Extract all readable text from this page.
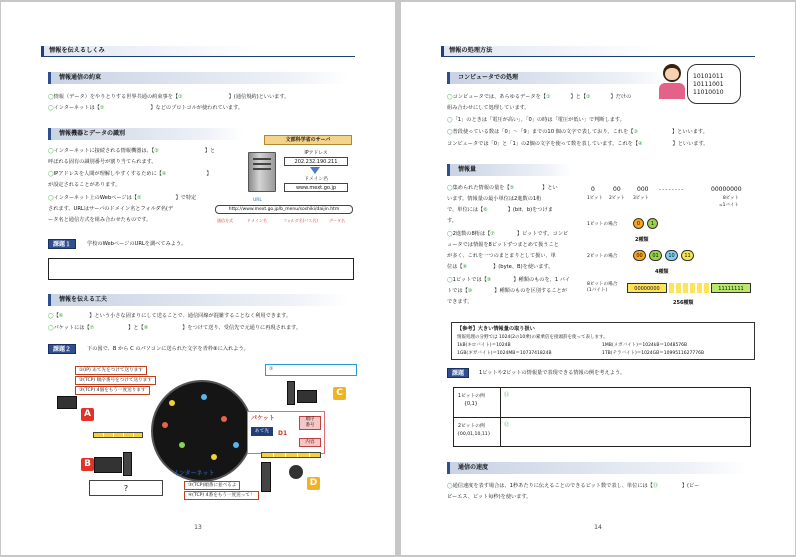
情報を伝えるしくみ
情報通信の約束
◯情報（データ）をやりとりする世界共通の約束事を【①	】(通信規約)といいます。
◯インターネットは【②	】などのプロトコルが使われています。
情報機器とデータの識別
◯インターネットに接続される情報機器は、【③	】と
呼ばれる固有の識別番号が割り当てられます。
◯IPアドレスを人間が理解しやすくするために【④	】
が設定されることがあります。
◯インターネット上のWebページは【⑤	】で特定
されます。URLはサーバのドメイン名とフォルダ名(デ
ータ名と通信方式を組み合わせたものです。
文部科学省のサーバ
IPアドレス
202.232.190.211
ドメイン名
www.mext.go.jp
URL
http://www.mext.go.jp/b_menu/soshiki/daijin.htm
通信方式	ドメイン名	フォルダ名(パス名)	データ名
課題１	学校のWebページのURLを調べてみよう。
情報を伝える工夫
◯【⑥	】という小さな固まりにして送ることで、通信回線が混雑することなく利用できます。
◯パケットには【⑦	】と【⑧	】をつけて送り、受信先で元通りに再現されます。
課題２	下の図で、B から C のパソコンに送られた文字を青枠⑨に入れよう。
①(IP) あて先をつけて送ります
②(TCP) 順序番号をつけて送ります
③(TCP) 4個をもう一度送ります
⑨
パケット
あて先
順序
番号
D1
内容
インターネット
A
B
C
D
③(TCP)順番に並べるよ
④(TCP) 4番をもう一度送って！
?
13
情報の処理方法
コンピュータでの処理	10101011
10111001
11010010
◯コンピュータでは、あらゆるデータを【①	】と【②	】だけの
組み合わせにして処理しています。
◯「1」のときは「電圧が高い」、「0」の時は「電圧が低い」で判断します。
◯普段使っている数は「0」～「9」までの10 個の文字で表しており、これを【③	】といいます。
コンピュータでは「0」と「1」の2個の文字を使って数を表しています。これを【④	】といいます。
情報量
◯集められた情報の量を【⑤	】とい
います。情報量の最小単位は2進数の1桁
で、単位には【⑥	】(bit、b)をつけま
す。
◯2進数の8桁は【⑦	】ビットです。コンピ
ュータでは情報を8ビットずつまとめて扱うこと
が多く、これを一つのまとまりとして扱い、単
位は【⑧	】(byte、B)を使います。
◯1ビットでは【⑨	】種類のものを、1 バイ
トでは【⑩	】種類のものを区別することが
できます。
0	00	000 ‐‐‐‐‐‐‐‐	00000000
1ビット 2ビット 3ビット	8ビット
=1バイト
1ビットの場合	0	1
2種類
2ビットの場合	00	01	10	11
4種類
8ビットの場合
(1バイト)	00000000	11111111
256種類
【参考】大きい情報量の取り扱い
情報処理の分野では 1024(2の10乗)の累乗倍を接頭辞を使って表します。
1kB(キロバイト)＝1024B	1MB(メガバイト)＝1024kB＝1048576B
1GB(ギガバイト)＝1024MB＝1073741824B	1TB(テラバイト)＝1024GB＝1099511627776B
課題	1ビットや2ビットの情報量で表現できる情報の例を考えよう。
1ビットの例
{0,1}
⑪
2ビットの例
{00,01,10,11}
⑫
通信の速度
◯通信速度を表す場合は、1秒あたりに伝えることのできるビット数で表し、単位には【⑬	】(ビー
ピーエス、ビット毎秒)を使います。
14
